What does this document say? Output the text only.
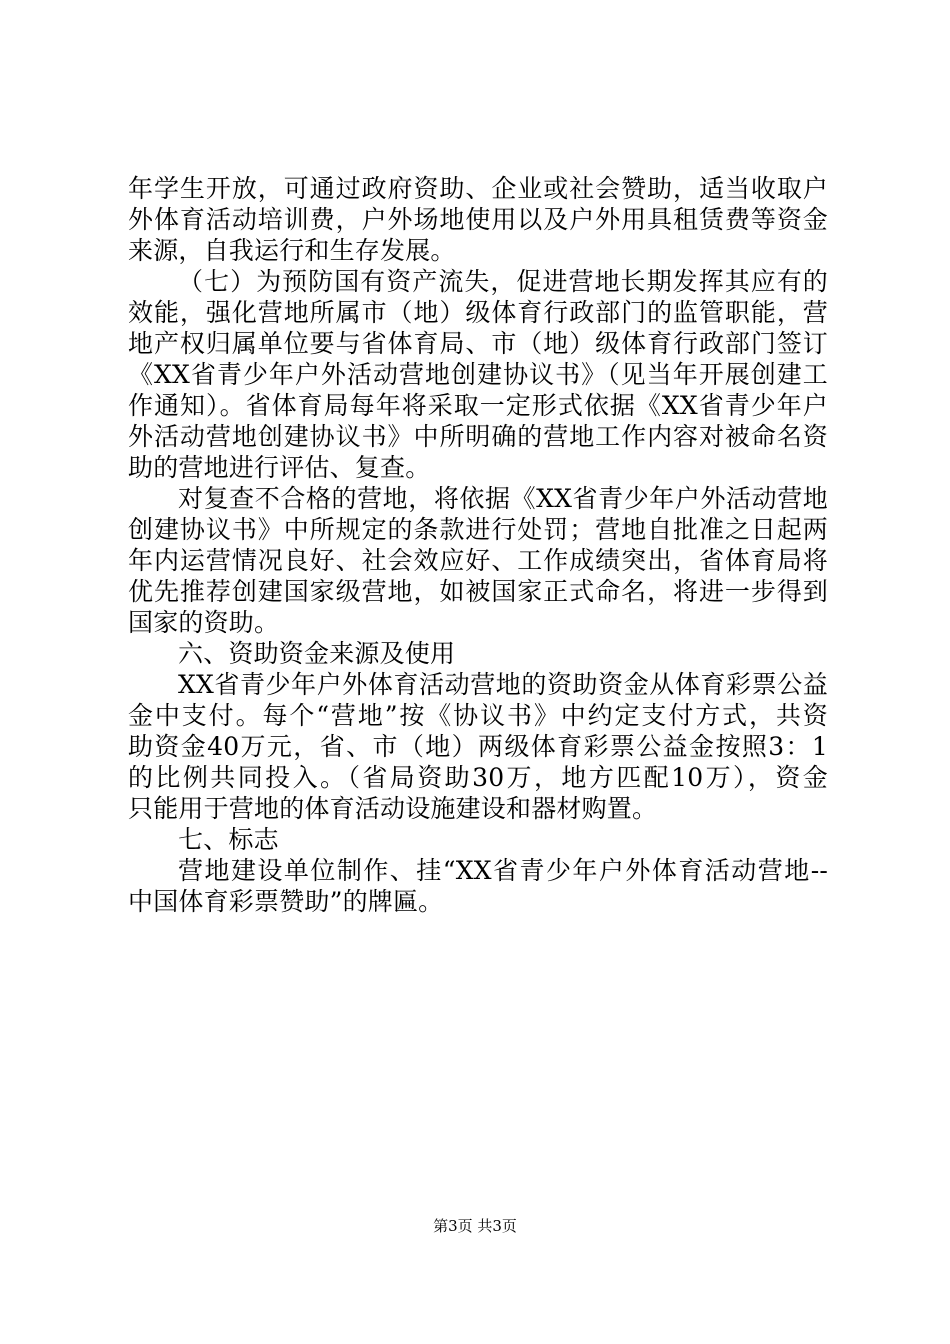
年学生开放，可通过政府资助、企业或社会赞助，适当收取户
外体育活动培训费，户外场地使用以及户外用具租赁费等资金
来源，自我运行和生存发展。
（七）为预防国有资产流失，促进营地长期发挥其应有的
效能，强化营地所属市（地）级体育行政部门的监管职能，营
地产权归属单位要与省体育局、市（地）级体育行政部门签订
《XX省青少年户外活动营地创建协议书》（见当年开展创建工
作通知）。省体育局每年将采取一定形式依据《XX省青少年户
外活动营地创建协议书》中所明确的营地工作内容对被命名资
助的营地进行评估、复查。
对复查不合格的营地，将依据《XX省青少年户外活动营地
创建协议书》中所规定的条款进行处罚；营地自批准之日起两
年内运营情况良好、社会效应好、工作成绩突出，省体育局将
优先推荐创建国家级营地，如被国家正式命名，将进一步得到
国家的资助。
六、资助资金来源及使用
XX省青少年户外体育活动营地的资助资金从体育彩票公益
金中支付。每个“营地”按《协议书》中约定支付方式，共资
助资金40万元，省、市（地）两级体育彩票公益金按照3：1
的比例共同投入。（省局资助30万，地方匹配10万），资金
只能用于营地的体育活动设施建设和器材购置。
七、标志
营地建设单位制作、挂“XX省青少年户外体育活动营地--
中国体育彩票赞助”的牌匾。
第3页 共3页
